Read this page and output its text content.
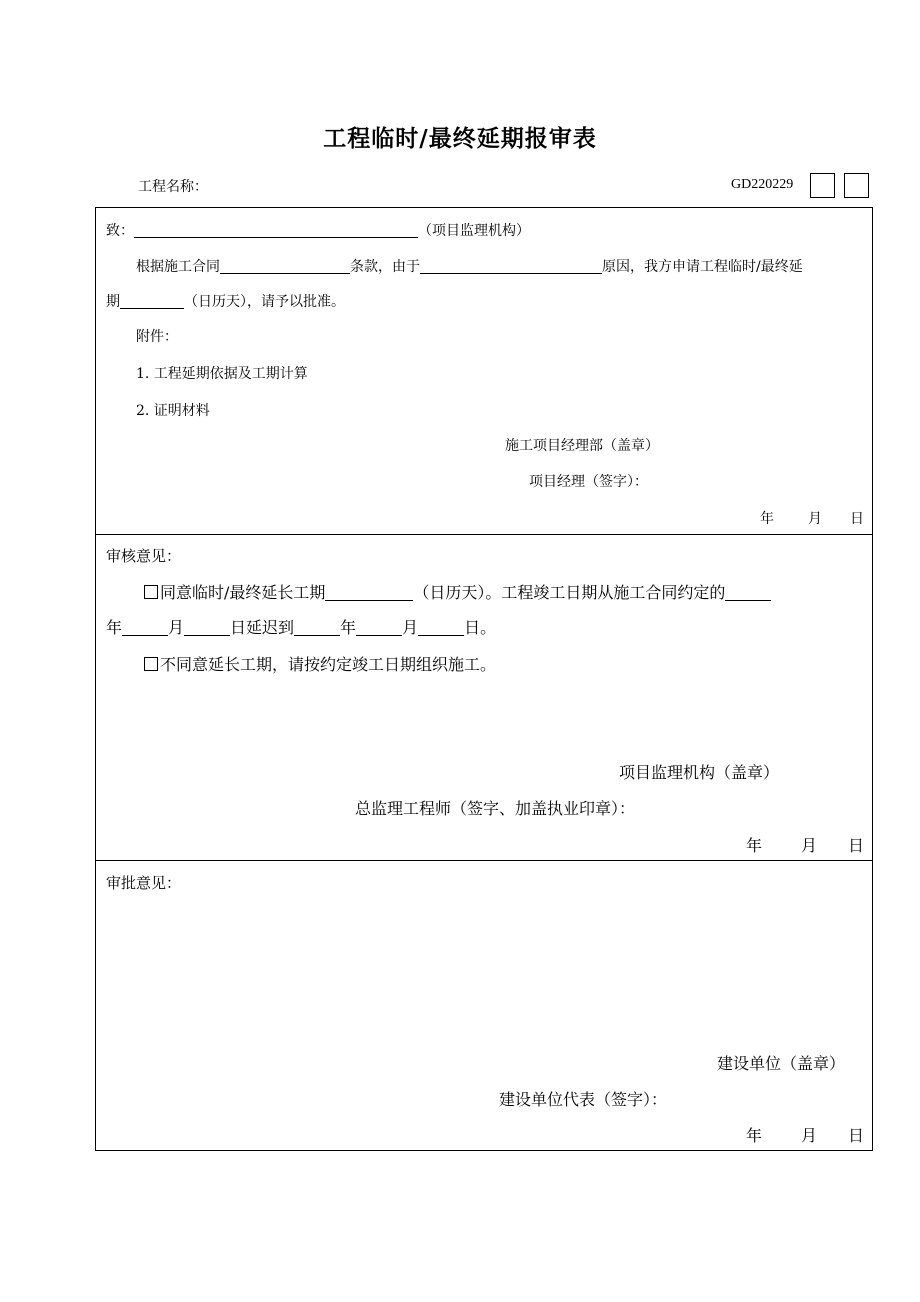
工程临时/最终延期报审表
工程名称：	GD220229
致：	（项目监理机构）
根据施工合同	条款，由于	原因，我方申请工程临时/最终延
期	（日历天），请予以批准。
附件：
1. 工程延期依据及工期计算
2. 证明材料
施工项目经理部（盖章）
项目经理（签字）：
年 月 日
审核意见：
同意临时/最终延长工期	（日历天）。工程竣工日期从施工合同约定的
年	月	日延迟到	年	月	日。
不同意延长工期，请按约定竣工日期组织施工。
项目监理机构（盖章）
总监理工程师（签字、加盖执业印章）：
年 月 日
审批意见：
建设单位（盖章）
建设单位代表（签字）：
年 月 日
